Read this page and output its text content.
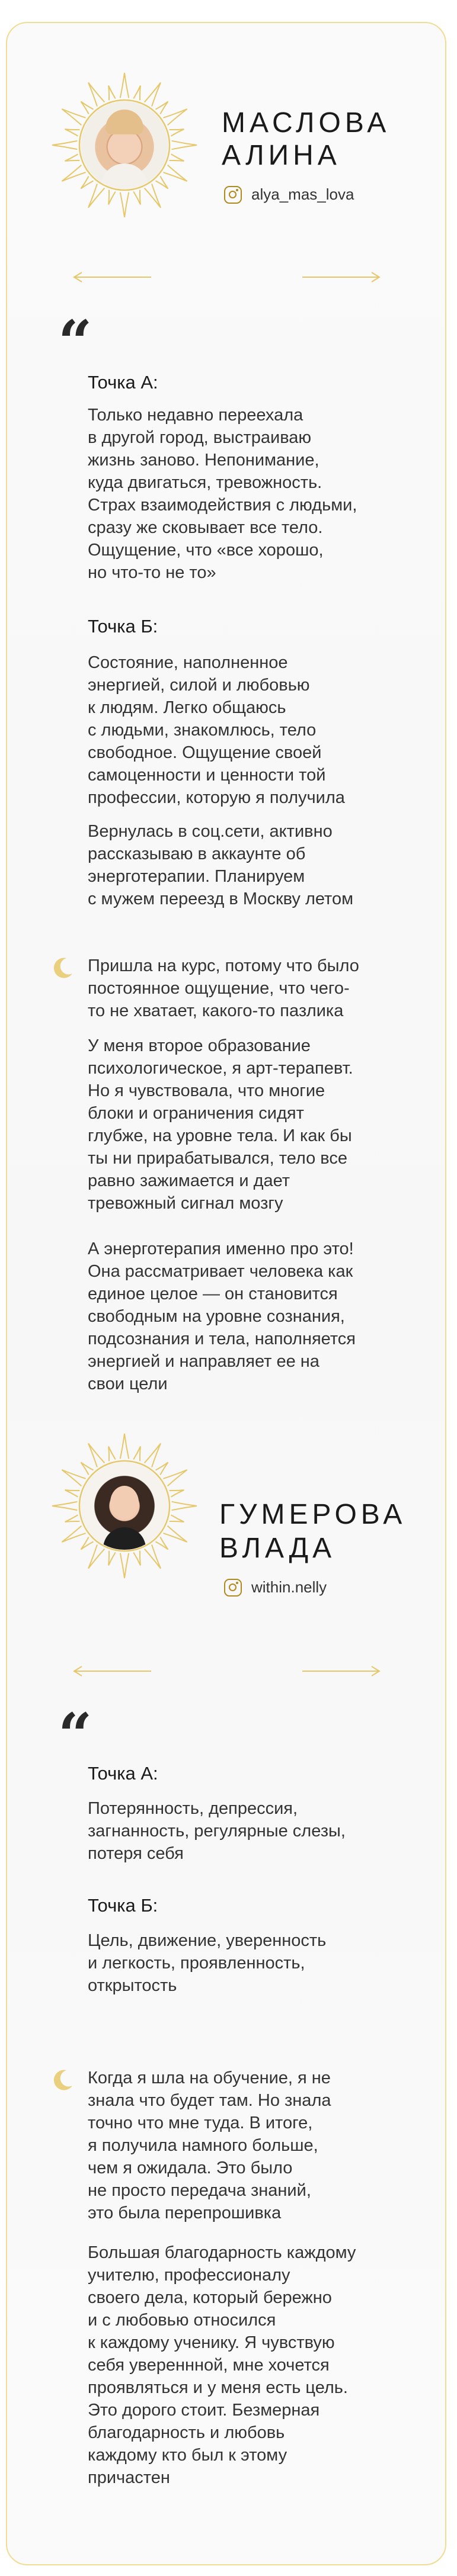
МАСЛОВА
АЛИНА
alya_mas_lova
“
Точка А:
Только недавно переехала
в другой город, выстраиваю
жизнь заново. Непонимание,
куда двигаться, тревожность.
Страх взаимодействия с людьми,
сразу же сковывает все тело.
Ощущение, что «все хорошо,
но что-то не то»
Точка Б:
Состояние, наполненное
энергией, силой и любовью
к людям. Легко общаюсь
с людьми, знакомлюсь, тело
свободное. Ощущение своей
самоценности и ценности той
профессии, которую я получила
Вернулась в соц.сети, активно
рассказываю в аккаунте об
энерготерапии. Планируем
с мужем переезд в Москву летом
Пришла на курс, потому что было
постоянное ощущение, что чего-
то не хватает, какого-то пазлика
У меня второе образование
психологическое, я арт-терапевт.
Но я чувствовала, что многие
блоки и ограничения сидят
глубже, на уровне тела. И как бы
ты ни прирабатывался, тело все
равно зажимается и дает
тревожный сигнал мозгу
А энерготерапия именно про это!
Она рассматривает человека как
единое целое — он становится
свободным на уровне сознания,
подсознания и тела, наполняется
энергией и направляет ее на
свои цели
ГУМЕРОВА
ВЛАДА
within.nelly
“
Точка А:
Потерянность, депрессия,
загнанность, регулярные слезы,
потеря себя
Точка Б:
Цель, движение, уверенность
и легкость, проявленность,
открытость
Когда я шла на обучение, я не
знала что будет там. Но знала
точно что мне туда. В итоге,
я получила намного больше,
чем я ожидала. Это было
не просто передача знаний,
это была перепрошивка
Большая благодарность каждому
учителю, профессионалу
своего дела, который бережно
и с любовью относился
к каждому ученику. Я чувствую
себя увереннной, мне хочется
проявляться и у меня есть цель.
Это дорого стоит. Безмерная
благодарность и любовь
каждому кто был к этому
причастен
